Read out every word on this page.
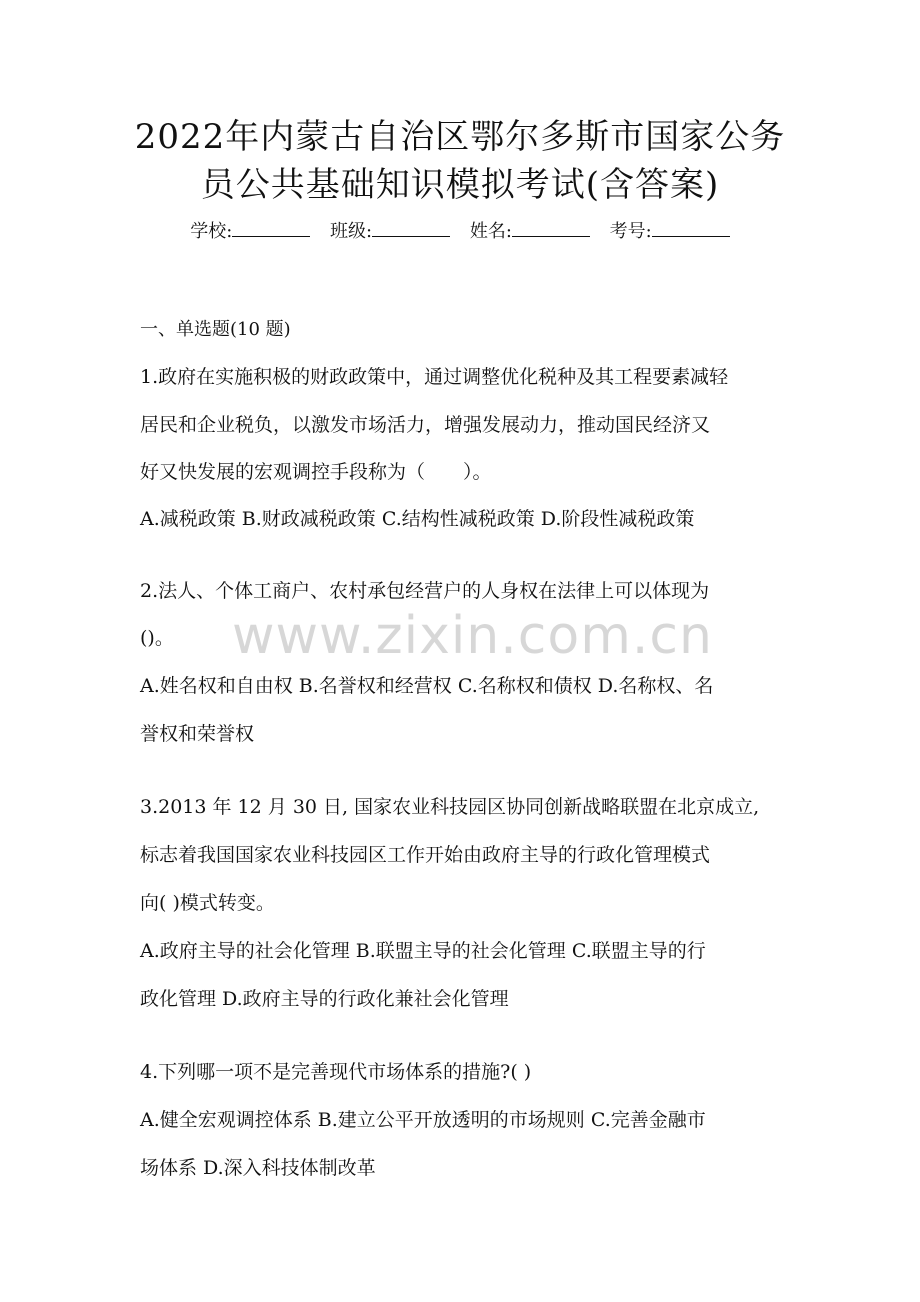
2022年内蒙古自治区鄂尔多斯市国家公务
员公共基础知识模拟考试(含答案)
学校:	班级:	姓名:	考号:
一、单选题(10 题)
1.政府在实施积极的财政政策中，通过调整优化税种及其工程要素减轻
居民和企业税负，以激发市场活力，增强发展动力，推动国民经济又
好又快发展的宏观调控手段称为（　　）。
A.减税政策 B.财政减税政策 C.结构性减税政策 D.阶段性减税政策
2.法人、个体工商户、农村承包经营户的人身权在法律上可以体现为
()。
A.姓名权和自由权 B.名誉权和经营权 C.名称权和债权 D.名称权、名
誉权和荣誉权
3.2013 年 12 月 30 日, 国家农业科技园区协同创新战略联盟在北京成立,
标志着我国国家农业科技园区工作开始由政府主导的行政化管理模式
向( )模式转变。
A.政府主导的社会化管理 B.联盟主导的社会化管理 C.联盟主导的行
政化管理 D.政府主导的行政化兼社会化管理
4.下列哪一项不是完善现代市场体系的措施?( )
A.健全宏观调控体系 B.建立公平开放透明的市场规则 C.完善金融市
场体系 D.深入科技体制改革
www.zixin.com.cn
